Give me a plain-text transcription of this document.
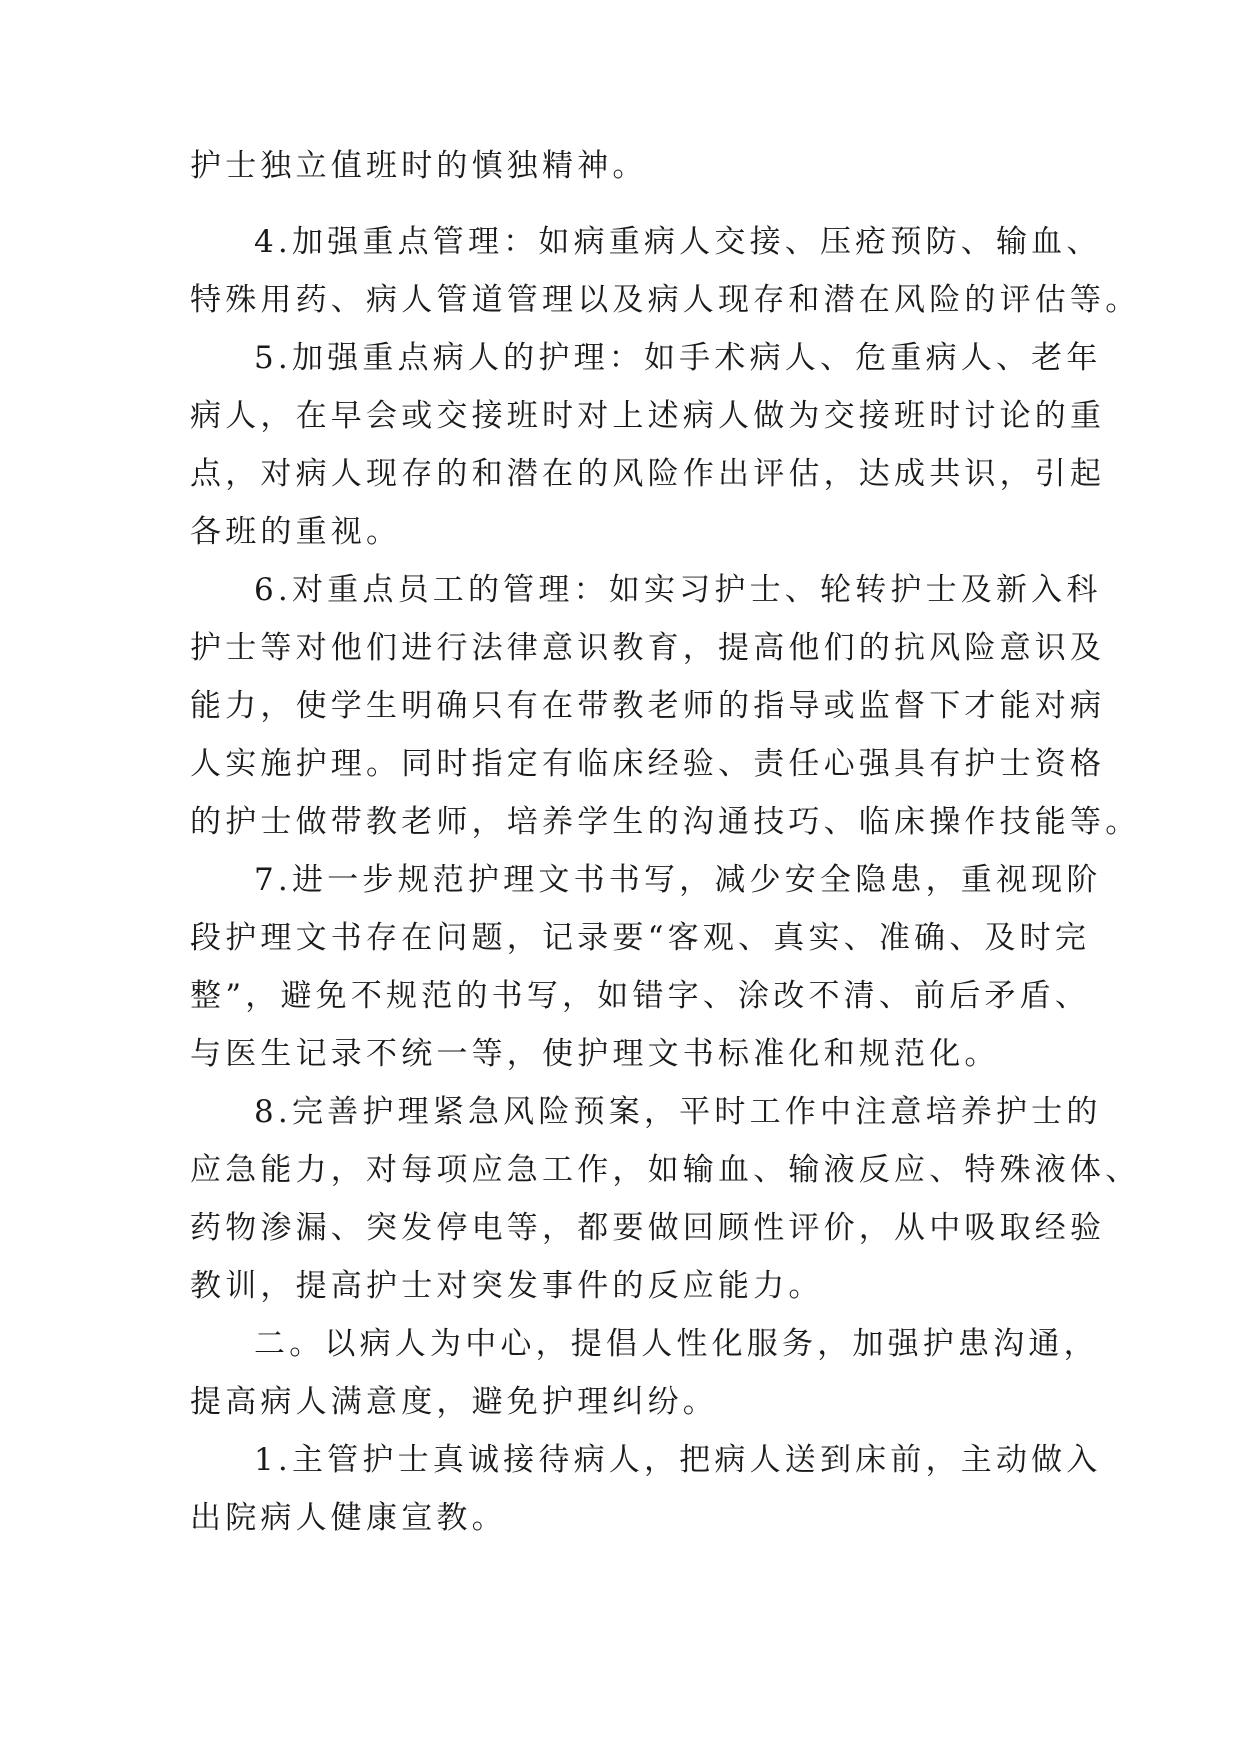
护士独立值班时的慎独精神。

4.加强重点管理：如病重病人交接、压疮预防、输血、

特殊用药、病人管道管理以及病人现存和潜在风险的评估等。

5.加强重点病人的护理：如手术病人、危重病人、老年

病人，在早会或交接班时对上述病人做为交接班时讨论的重

点，对病人现存的和潜在的风险作出评估，达成共识，引起

各班的重视。

6.对重点员工的管理：如实习护士、轮转护士及新入科

护士等对他们进行法律意识教育，提高他们的抗风险意识及

能力，使学生明确只有在带教老师的指导或监督下才能对病

人实施护理。同时指定有临床经验、责任心强具有护士资格

的护士做带教老师，培养学生的沟通技巧、临床操作技能等。

7.进一步规范护理文书书写，减少安全隐患，重视现阶

段护理文书存在问题，记录要“客观、真实、准确、及时完

整”，避免不规范的书写，如错字、涂改不清、前后矛盾、

与医生记录不统一等，使护理文书标准化和规范化。

8.完善护理紧急风险预案，平时工作中注意培养护士的

应急能力，对每项应急工作，如输血、输液反应、特殊液体、

药物渗漏、突发停电等，都要做回顾性评价，从中吸取经验

教训，提高护士对突发事件的反应能力。

二。以病人为中心，提倡人性化服务，加强护患沟通，

提高病人满意度，避免护理纠纷。

1.主管护士真诚接待病人，把病人送到床前，主动做入

出院病人健康宣教。
